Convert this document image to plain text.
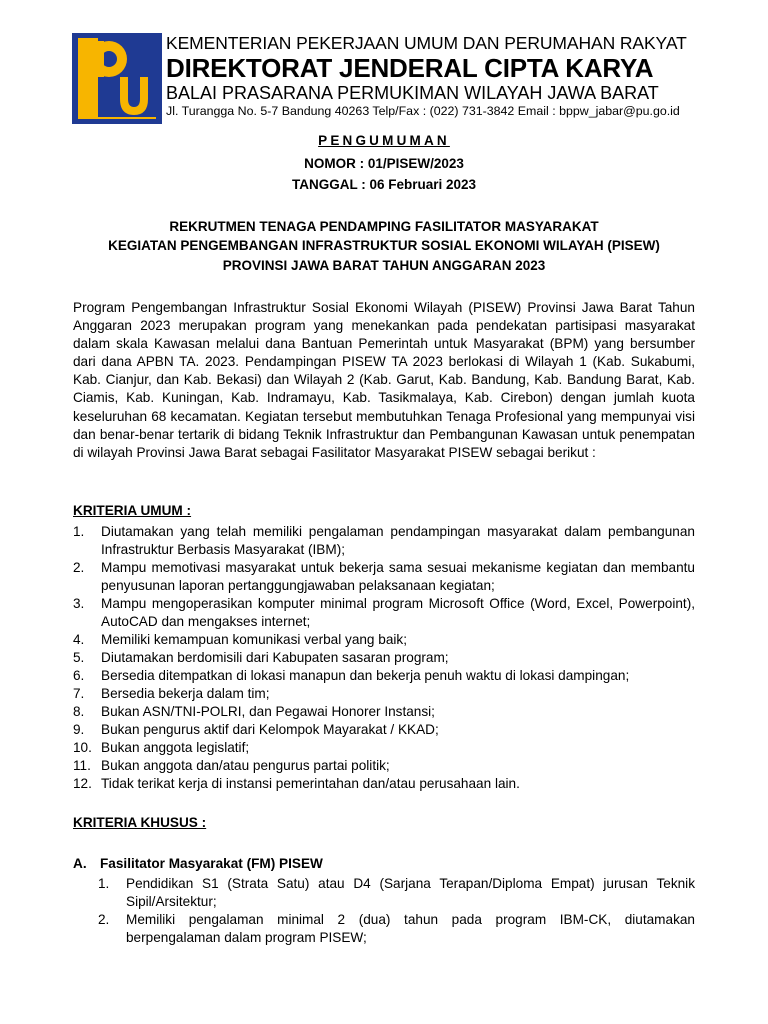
KEMENTERIAN PEKERJAAN UMUM DAN PERUMAHAN RAKYAT
DIREKTORAT JENDERAL CIPTA KARYA
BALAI PRASARANA PERMUKIMAN WILAYAH JAWA BARAT
Jl. Turangga No. 5-7 Bandung 40263 Telp/Fax : (022) 731-3842 Email : bppw_jabar@pu.go.id
PENGUMUMAN
NOMOR : 01/PISEW/2023
TANGGAL : 06 Februari 2023
REKRUTMEN TENAGA PENDAMPING FASILITATOR MASYARAKAT
KEGIATAN PENGEMBANGAN INFRASTRUKTUR SOSIAL EKONOMI WILAYAH (PISEW)
PROVINSI JAWA BARAT TAHUN ANGGARAN 2023
Program Pengembangan Infrastruktur Sosial Ekonomi Wilayah (PISEW) Provinsi Jawa Barat Tahun Anggaran 2023 merupakan program yang menekankan pada pendekatan partisipasi masyarakat dalam skala Kawasan melalui dana Bantuan Pemerintah untuk Masyarakat (BPM) yang bersumber dari dana APBN TA. 2023. Pendampingan PISEW TA 2023 berlokasi di Wilayah 1 (Kab. Sukabumi, Kab. Cianjur, dan Kab. Bekasi) dan Wilayah 2 (Kab. Garut, Kab. Bandung, Kab. Bandung Barat, Kab. Ciamis, Kab. Kuningan, Kab. Indramayu, Kab. Tasikmalaya, Kab. Cirebon) dengan jumlah kuota keseluruhan 68 kecamatan. Kegiatan tersebut membutuhkan Tenaga Profesional yang mempunyai visi dan benar-benar tertarik di bidang Teknik Infrastruktur dan Pembangunan Kawasan untuk penempatan di wilayah Provinsi Jawa Barat sebagai Fasilitator Masyarakat PISEW sebagai berikut :
KRITERIA UMUM :
1. Diutamakan yang telah memiliki pengalaman pendampingan masyarakat dalam pembangunan Infrastruktur Berbasis Masyarakat (IBM);
2. Mampu memotivasi masyarakat untuk bekerja sama sesuai mekanisme kegiatan dan membantu penyusunan laporan pertanggungjawaban pelaksanaan kegiatan;
3. Mampu mengoperasikan komputer minimal program Microsoft Office (Word, Excel, Powerpoint), AutoCAD dan mengakses internet;
4. Memiliki kemampuan komunikasi verbal yang baik;
5. Diutamakan berdomisili dari Kabupaten sasaran program;
6. Bersedia ditempatkan di lokasi manapun dan bekerja penuh waktu di lokasi dampingan;
7. Bersedia bekerja dalam tim;
8. Bukan ASN/TNI-POLRI, dan Pegawai Honorer Instansi;
9. Bukan pengurus aktif dari Kelompok Mayarakat / KKAD;
10. Bukan anggota legislatif;
11. Bukan anggota dan/atau pengurus partai politik;
12. Tidak terikat kerja di instansi pemerintahan dan/atau perusahaan lain.
KRITERIA KHUSUS :
A. Fasilitator Masyarakat (FM) PISEW
1. Pendidikan S1 (Strata Satu) atau D4 (Sarjana Terapan/Diploma Empat) jurusan Teknik Sipil/Arsitektur;
2. Memiliki pengalaman minimal 2 (dua) tahun pada program IBM-CK, diutamakan berpengalaman dalam program PISEW;
